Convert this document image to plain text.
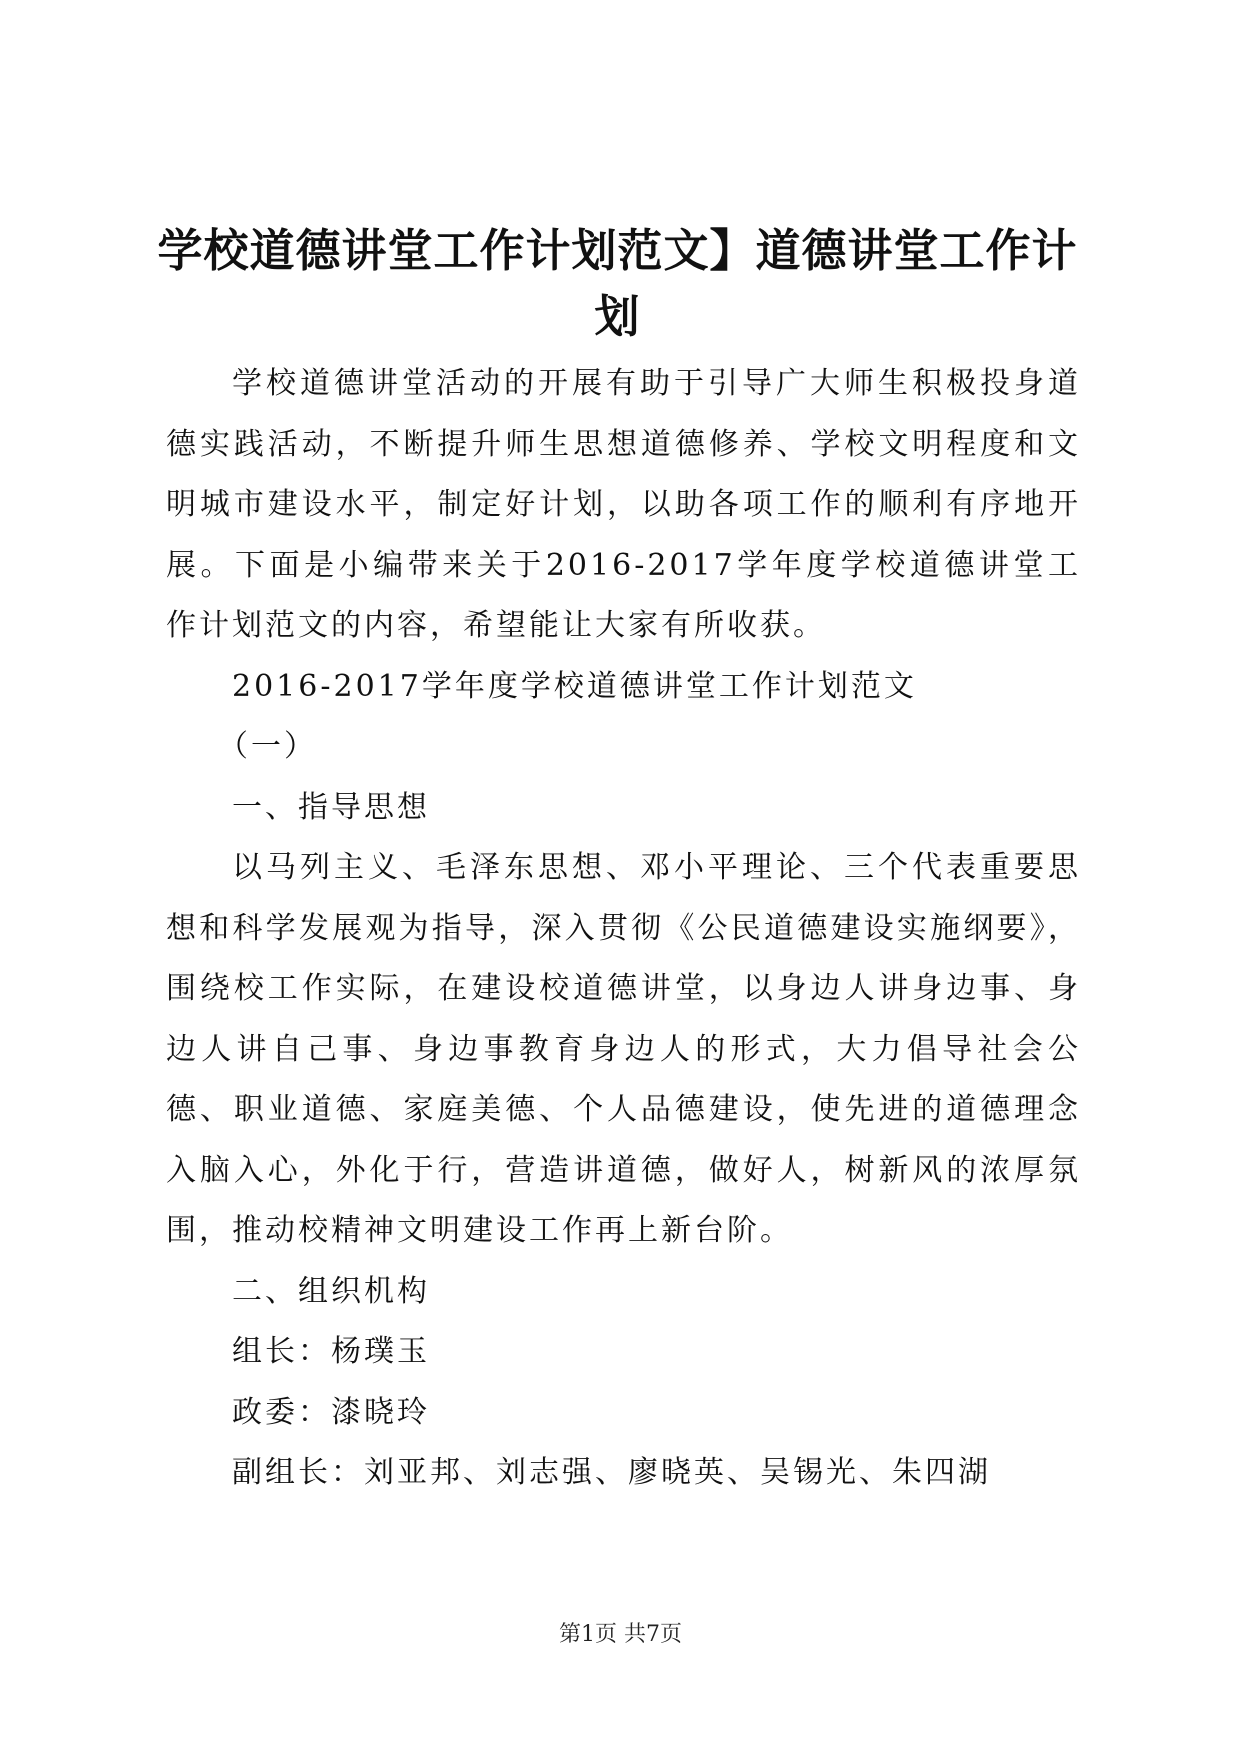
学校道德讲堂工作计划范文】道德讲堂工作计划

学校道德讲堂活动的开展有助于引导广大师生积极投身道德实践活动，不断提升师生思想道德修养、学校文明程度和文明城市建设水平，制定好计划，以助各项工作的顺利有序地开展。下面是小编带来关于2016-2017学年度学校道德讲堂工作计划范文的内容，希望能让大家有所收获。

2016-2017学年度学校道德讲堂工作计划范文

（一）

一、指导思想

以马列主义、毛泽东思想、邓小平理论、三个代表重要思想和科学发展观为指导，深入贯彻《公民道德建设实施纲要》，围绕校工作实际，在建设校道德讲堂，以身边人讲身边事、身边人讲自己事、身边事教育身边人的形式，大力倡导社会公德、职业道德、家庭美德、个人品德建设，使先进的道德理念入脑入心，外化于行，营造讲道德，做好人，树新风的浓厚氛围，推动校精神文明建设工作再上新台阶。

二、组织机构

组长：杨璞玉

政委：漆晓玲

副组长：刘亚邦、刘志强、廖晓英、吴锡光、朱四湖

第1页 共7页
